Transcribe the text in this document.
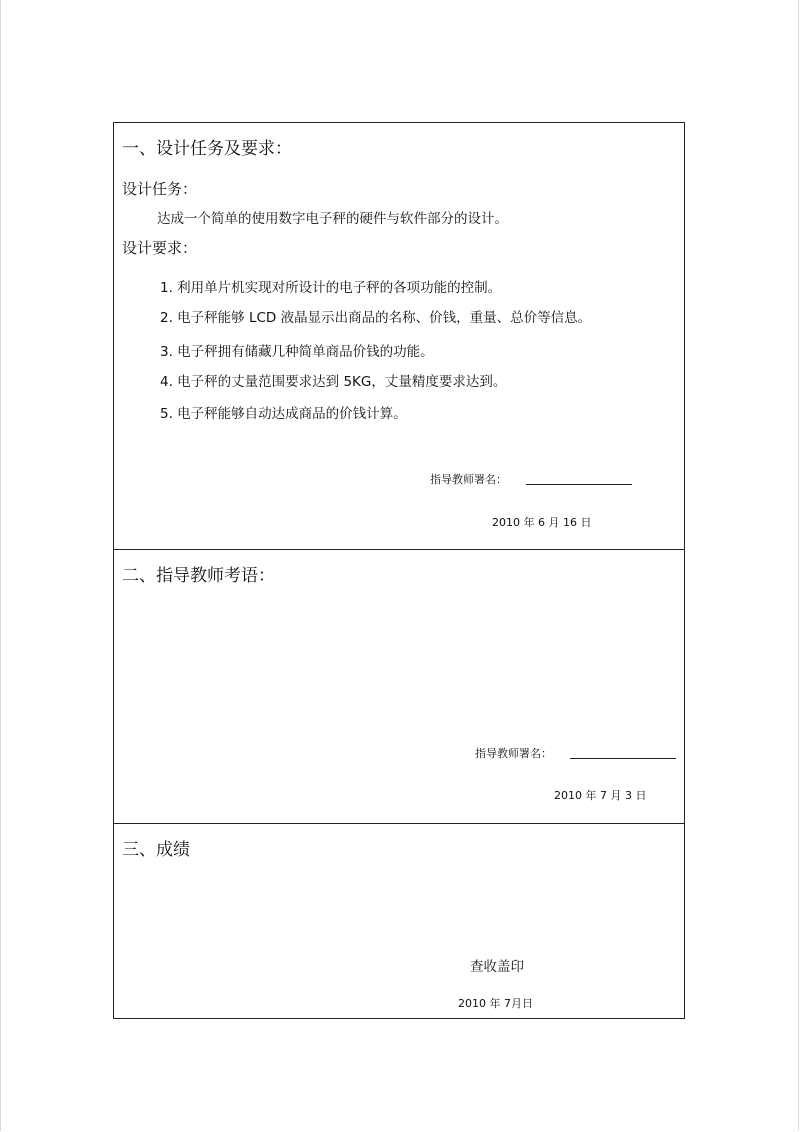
一、设计任务及要求：
设计任务：
达成一个简单的使用数字电子秤的硬件与软件部分的设计。
设计要求：
1. 利用单片机实现对所设计的电子秤的各项功能的控制。
2. 电子秤能够 LCD 液晶显示出商品的名称、价钱，重量、总价等信息。
3. 电子秤拥有储藏几种简单商品价钱的功能。
4. 电子秤的丈量范围要求达到 5KG，丈量精度要求达到。
5. 电子秤能够自动达成商品的价钱计算。
指导教师署名：
2010 年 6 月 16 日
二、指导教师考语：
指导教师署名：
2010 年 7 月 3 日
三、成绩
查收盖印
2010 年 7月日
